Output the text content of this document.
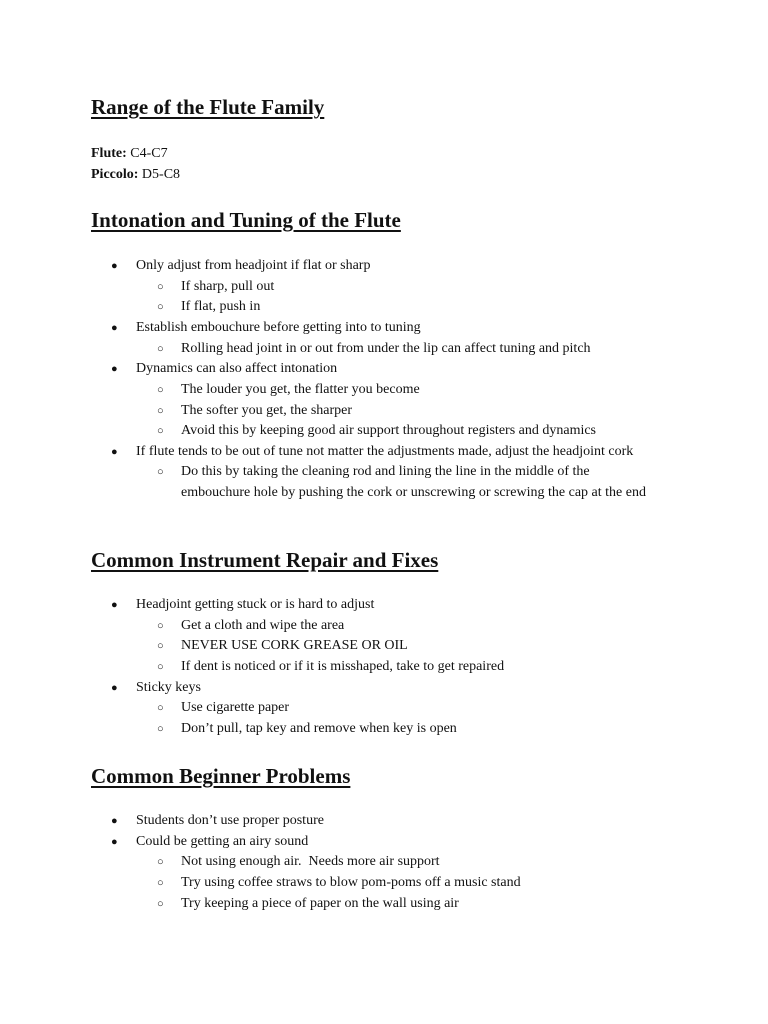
Range of the Flute Family
Flute: C4-C7
Piccolo: D5-C8
Intonation and Tuning of the Flute
● Only adjust from headjoint if flat or sharp
○ If sharp, pull out
○ If flat, push in
● Establish embouchure before getting into to tuning
○ Rolling head joint in or out from under the lip can affect tuning and pitch
● Dynamics can also affect intonation
○ The louder you get, the flatter you become
○ The softer you get, the sharper
○ Avoid this by keeping good air support throughout registers and dynamics
● If flute tends to be out of tune not matter the adjustments made, adjust the headjoint cork
○ Do this by taking the cleaning rod and lining the line in the middle of the embouchure hole by pushing the cork or unscrewing or screwing the cap at the end
Common Instrument Repair and Fixes
● Headjoint getting stuck or is hard to adjust
○ Get a cloth and wipe the area
○ NEVER USE CORK GREASE OR OIL
○ If dent is noticed or if it is misshaped, take to get repaired
● Sticky keys
○ Use cigarette paper
○ Don’t pull, tap key and remove when key is open
Common Beginner Problems
● Students don’t use proper posture
● Could be getting an airy sound
○ Not using enough air.  Needs more air support
○ Try using coffee straws to blow pom-poms off a music stand
○ Try keeping a piece of paper on the wall using air
